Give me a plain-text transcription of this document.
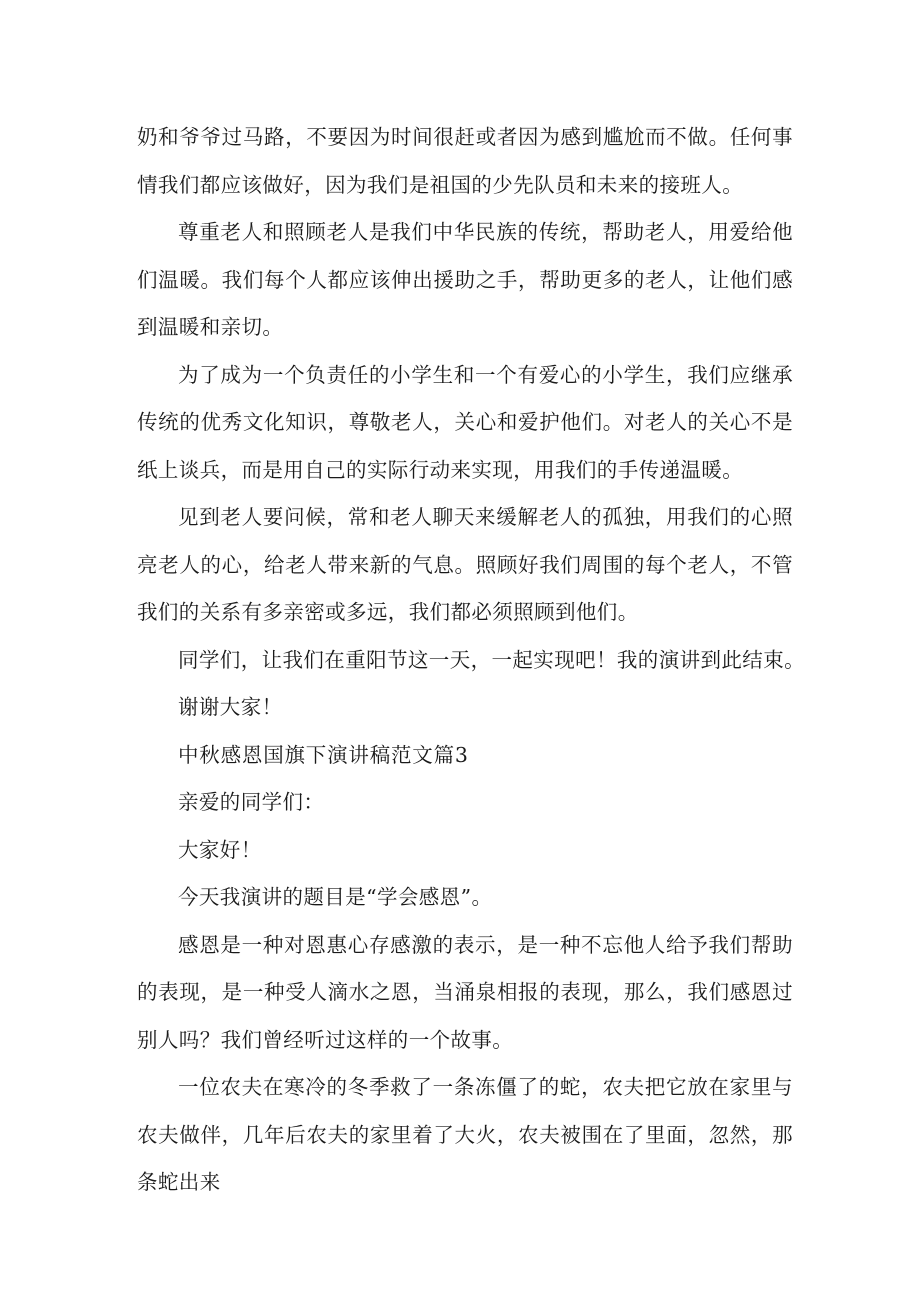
奶和爷爷过马路，不要因为时间很赶或者因为感到尴尬而不做。任何事情我们都应该做好，因为我们是祖国的少先队员和未来的接班人。

尊重老人和照顾老人是我们中华民族的传统，帮助老人，用爱给他们温暖。我们每个人都应该伸出援助之手，帮助更多的老人，让他们感到温暖和亲切。

为了成为一个负责任的小学生和一个有爱心的小学生，我们应继承传统的优秀文化知识，尊敬老人，关心和爱护他们。对老人的关心不是纸上谈兵，而是用自己的实际行动来实现，用我们的手传递温暖。

见到老人要问候，常和老人聊天来缓解老人的孤独，用我们的心照亮老人的心，给老人带来新的气息。照顾好我们周围的每个老人，不管我们的关系有多亲密或多远，我们都必须照顾到他们。

同学们，让我们在重阳节这一天，一起实现吧！我的演讲到此结束。

谢谢大家！

中秋感恩国旗下演讲稿范文篇3

亲爱的同学们：

大家好！

今天我演讲的题目是“学会感恩”。

感恩是一种对恩惠心存感激的表示，是一种不忘他人给予我们帮助的表现，是一种受人滴水之恩，当涌泉相报的表现，那么，我们感恩过别人吗？我们曾经听过这样的一个故事。

一位农夫在寒冷的冬季救了一条冻僵了的蛇，农夫把它放在家里与农夫做伴，几年后农夫的家里着了大火，农夫被围在了里面，忽然，那条蛇出来
